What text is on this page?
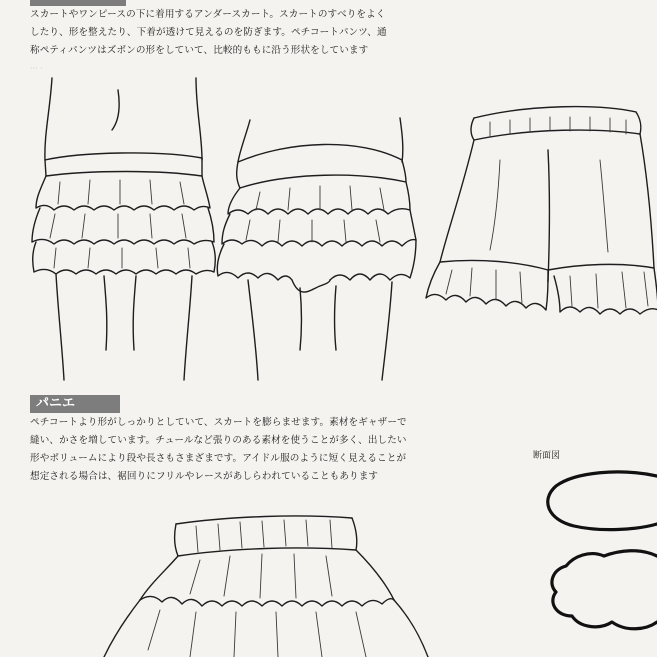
スカートやワンピースの下に着用するアンダースカート。スカートのすべりをよく
したり、形を整えたり、下着が透けて見えるのを防ぎます。ペチコートパンツ、通
称ペティパンツはズボンの形をしていて、比較的ももに沿う形状をしています

··· ·
パニエ

ペチコートより形がしっかりとしていて、スカートを膨らませます。素材をギャザーで
縫い、かさを増しています。チュールなど張りのある素材を使うことが多く、出したい
形やボリュームにより段や長さもさまざまです。アイドル服のように短く見えることが
想定される場合は、裾回りにフリルやレースがあしらわれていることもあります

断面図
